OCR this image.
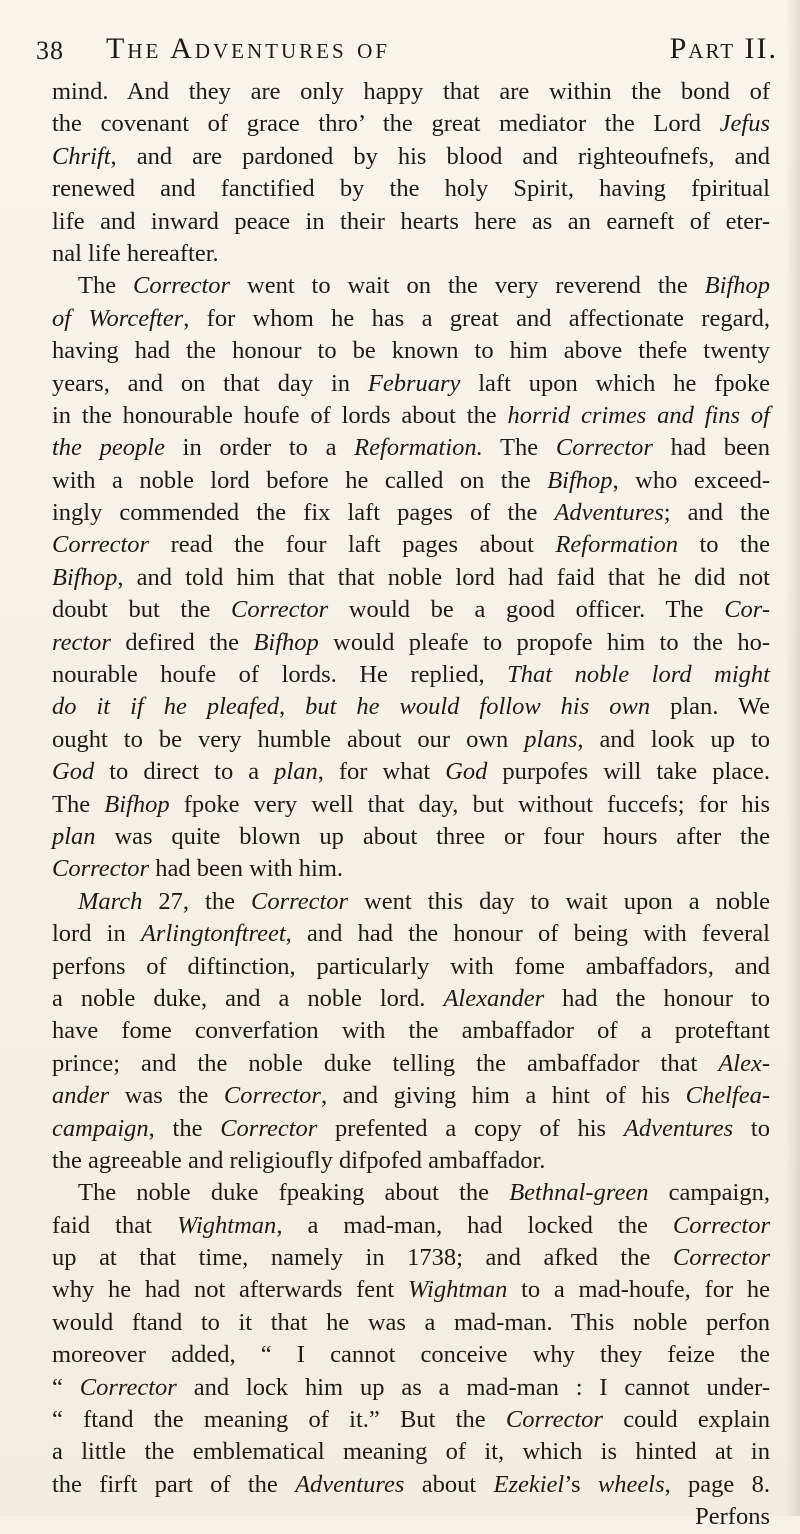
38 The Adventures of	Part II.
mind. And they are only happy that are within the bond of
the covenant of grace thro’ the great mediator the Lord Jefus
Chrift, and are pardoned by his blood and righteoufnefs, and
renewed and fanctified by the holy Spirit, having fpiritual
life and inward peace in their hearts here as an earneft of eter-
nal life hereafter.
The Corrector went to wait on the very reverend the Bifhop
of Worcefter, for whom he has a great and affectionate regard,
having had the honour to be known to him above thefe twenty
years, and on that day in February laft upon which he fpoke
in the honourable houfe of lords about the horrid crimes and fins of
the people in order to a Reformation. The Corrector had been
with a noble lord before he called on the Bifhop, who exceed-
ingly commended the fix laft pages of the Adventures; and the
Corrector read the four laft pages about Reformation to the
Bifhop, and told him that that noble lord had faid that he did not
doubt but the Corrector would be a good officer. The Cor-
rector defired the Bifhop would pleafe to propofe him to the ho-
nourable houfe of lords. He replied, That noble lord might
do it if he pleafed, but he would follow his own plan. We
ought to be very humble about our own plans, and look up to
God to direct to a plan, for what God purpofes will take place.
The Bifhop fpoke very well that day, but without fuccefs; for his
plan was quite blown up about three or four hours after the
Corrector had been with him.
March 27, the Corrector went this day to wait upon a noble
lord in Arlingtonftreet, and had the honour of being with feveral
perfons of diftinction, particularly with fome ambaffadors, and
a noble duke, and a noble lord. Alexander had the honour to
have fome converfation with the ambaffador of a proteftant
prince; and the noble duke telling the ambaffador that Alex-
ander was the Corrector, and giving him a hint of his Chelfea-
campaign, the Corrector prefented a copy of his Adventures to
the agreeable and religioufly difpofed ambaffador.
The noble duke fpeaking about the Bethnal-green campaign,
faid that Wightman, a mad-man, had locked the Corrector
up at that time, namely in 1738; and afked the Corrector
why he had not afterwards fent Wightman to a mad-houfe, for he
would ftand to it that he was a mad-man. This noble perfon
moreover added, “ I cannot conceive why they feize the
“ Corrector and lock him up as a mad-man : I cannot under-
“ ftand the meaning of it.” But the Corrector could explain
a little the emblematical meaning of it, which is hinted at in
the firft part of the Adventures about Ezekiel’s wheels, page 8.
Perfons
